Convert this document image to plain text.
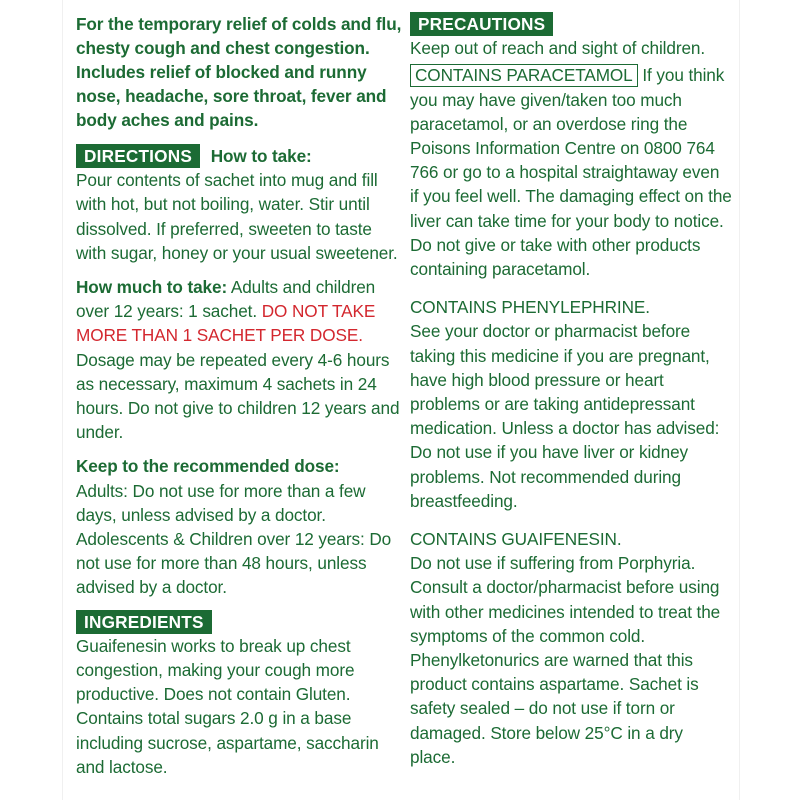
For the temporary relief of colds and flu, chesty cough and chest congestion. Includes relief of blocked and runny nose, headache, sore throat, fever and body aches and pains.

DIRECTIONS How to take:

Pour contents of sachet into mug and fill with hot, but not boiling, water. Stir until dissolved. If preferred, sweeten to taste with sugar, honey or your usual sweetener.

How much to take: Adults and children over 12 years: 1 sachet. DO NOT TAKE MORE THAN 1 SACHET PER DOSE. Dosage may be repeated every 4-6 hours as necessary, maximum 4 sachets in 24 hours. Do not give to children 12 years and under.

Keep to the recommended dose:

Adults: Do not use for more than a few days, unless advised by a doctor.

Adolescents & Children over 12 years: Do not use for more than 48 hours, unless advised by a doctor.

INGREDIENTS

Guaifenesin works to break up chest congestion, making your cough more productive. Does not contain Gluten. Contains total sugars 2.0 g in a base including sucrose, aspartame, saccharin and lactose.

PRECAUTIONS

Keep out of reach and sight of children.

CONTAINS PARACETAMOL If you think you may have given/taken too much paracetamol, or an overdose ring the Poisons Information Centre on 0800 764 766 or go to a hospital straightaway even if you feel well. The damaging effect on the liver can take time for your body to notice. Do not give or take with other products containing paracetamol.

CONTAINS PHENYLEPHRINE.

See your doctor or pharmacist before taking this medicine if you are pregnant, have high blood pressure or heart problems or are taking antidepressant medication. Unless a doctor has advised: Do not use if you have liver or kidney problems. Not recommended during breastfeeding.

CONTAINS GUAIFENESIN.

Do not use if suffering from Porphyria. Consult a doctor/pharmacist before using with other medicines intended to treat the symptoms of the common cold. Phenylketonurics are warned that this product contains aspartame. Sachet is safety sealed – do not use if torn or damaged. Store below 25°C in a dry place.
